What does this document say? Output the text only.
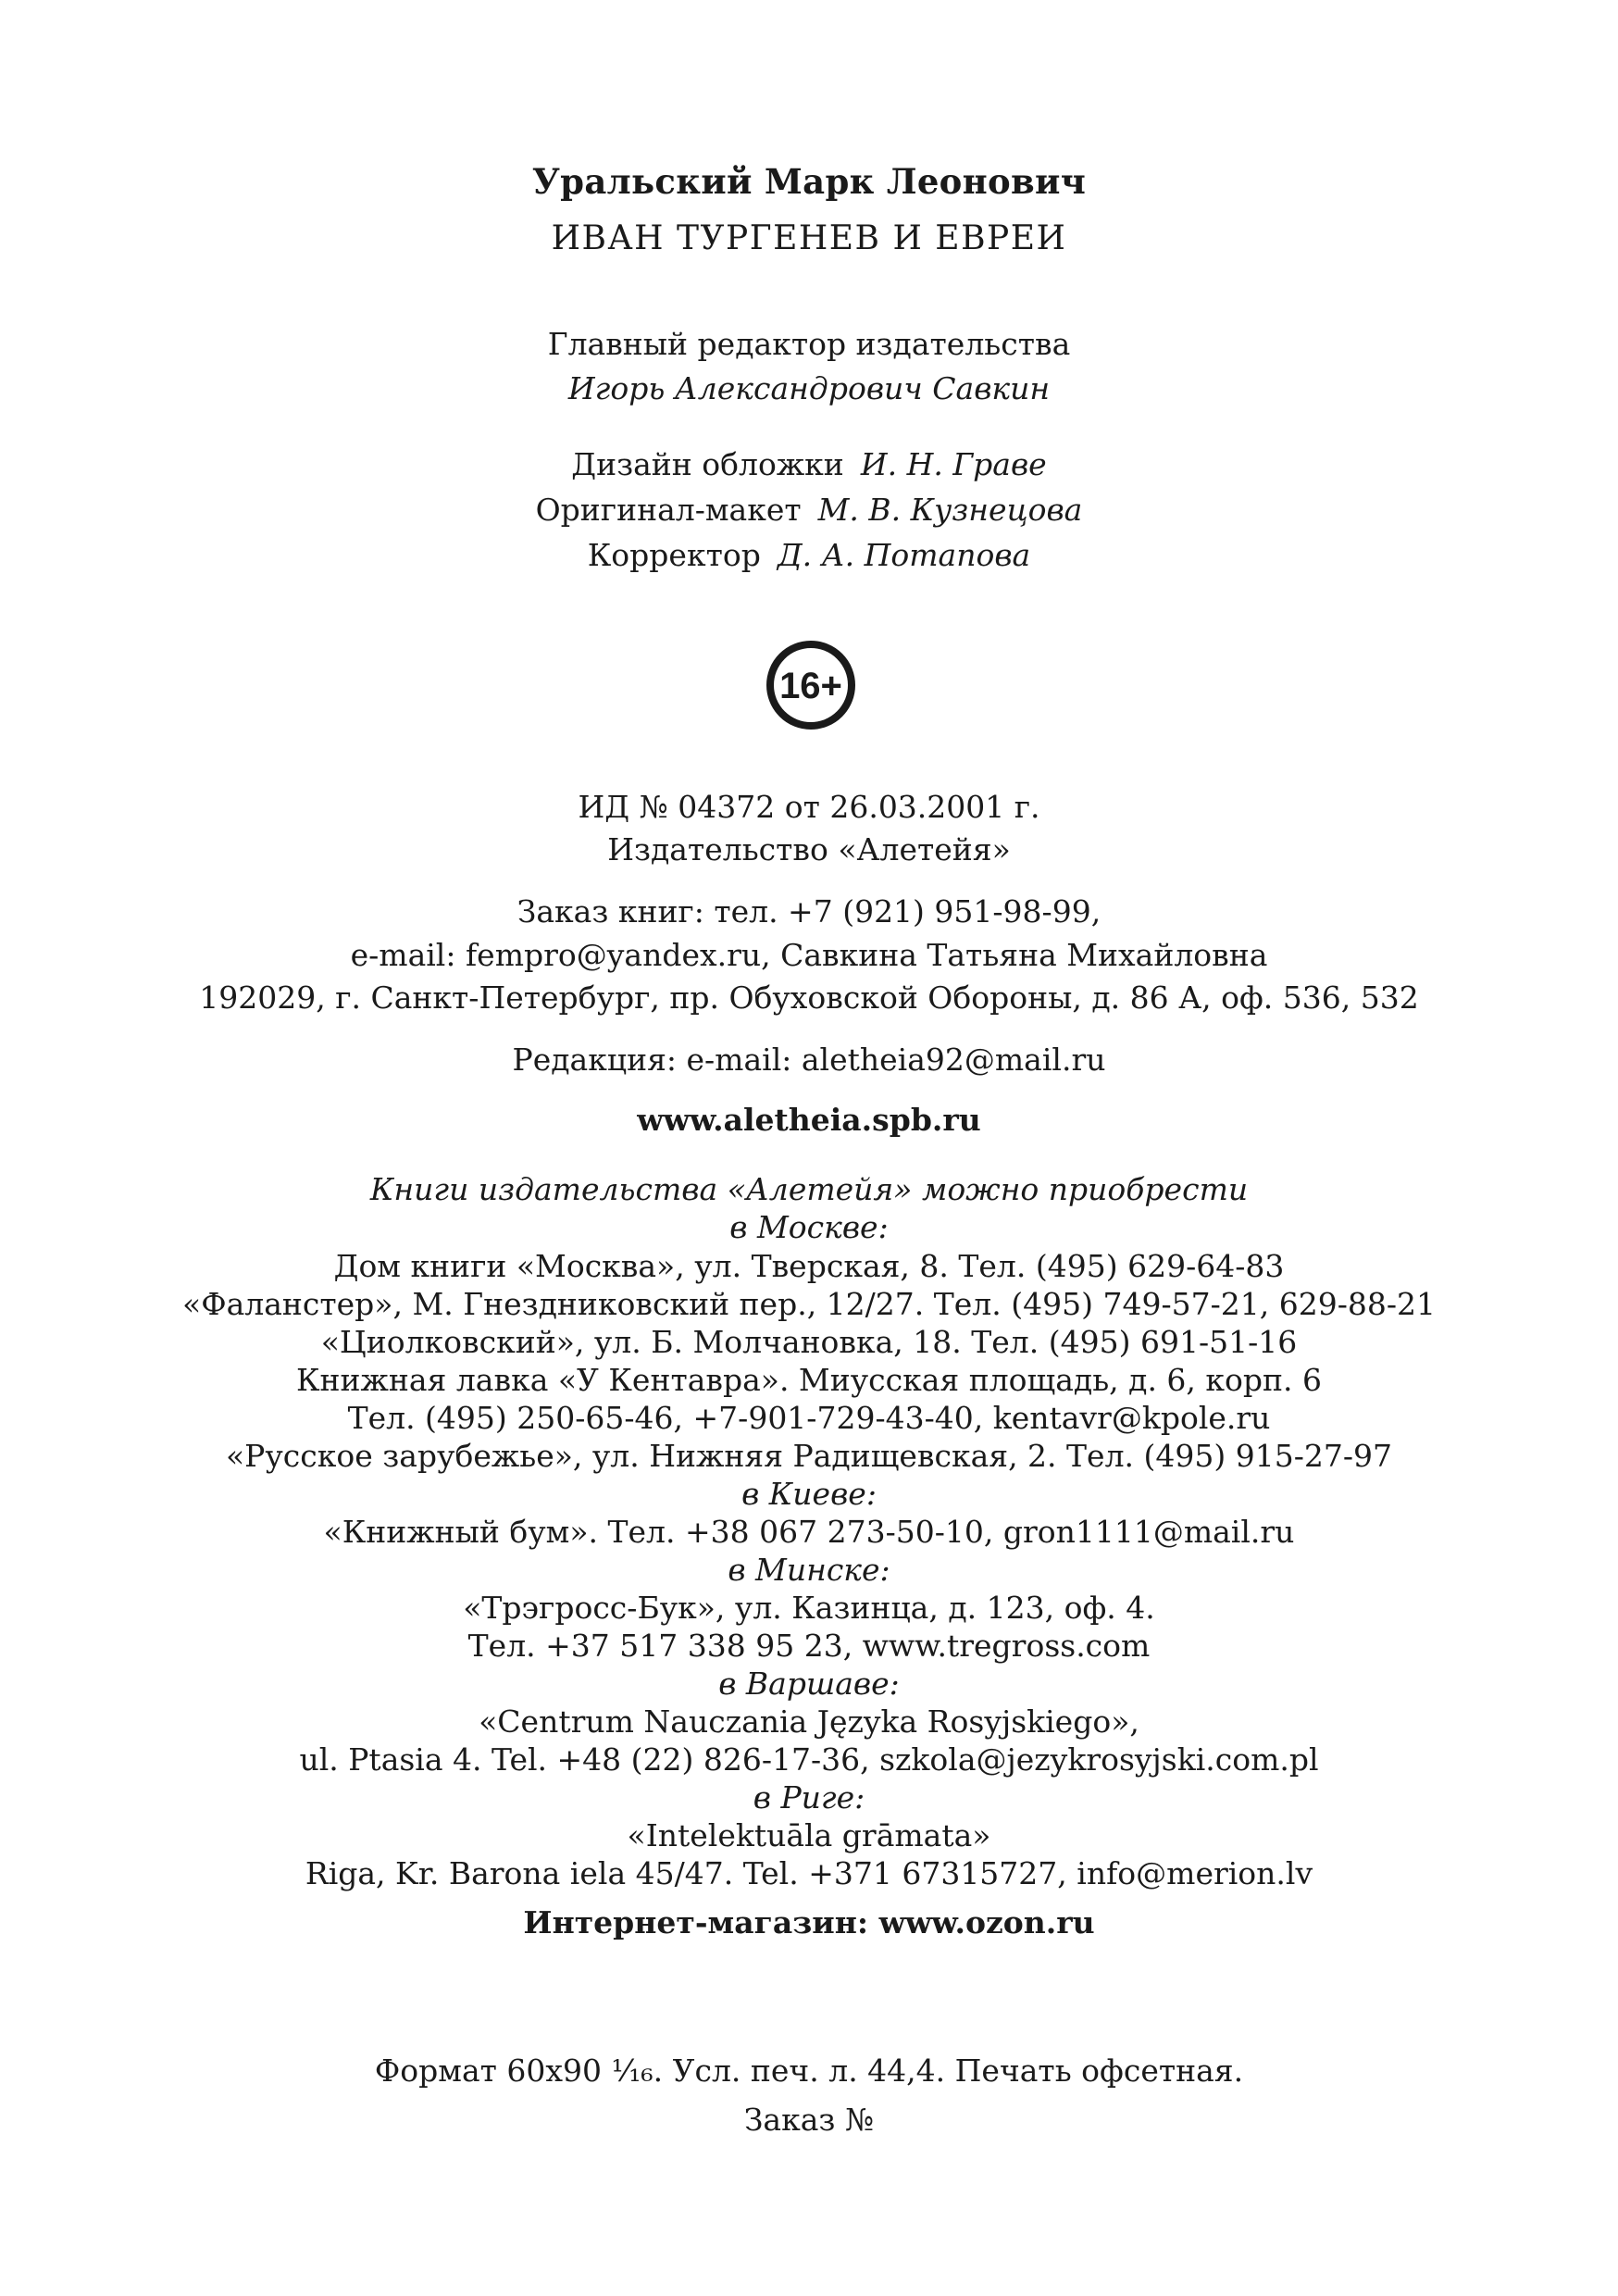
Уральский Марк Леонович
ИВАН ТУРГЕНЕВ И ЕВРЕИ
Главный редактор издательства
Игорь Александрович Савкин
Дизайн обложки И. Н. Граве
Оригинал-макет М. В. Кузнецова
Корректор Д. А. Потапова
16+
ИД № 04372 от 26.03.2001 г.
Издательство «Алетейя»
Заказ книг: тел. +7 (921) 951-98-99,
e-mail: fempro@yandex.ru, Савкина Татьяна Михайловна
192029, г. Санкт-Петербург, пр. Обуховской Обороны, д. 86 А, оф. 536, 532
Редакция: e-mail: aletheia92@mail.ru
www.aletheia.spb.ru
Книги издательства «Алетейя» можно приобрести
в Москве:
Дом книги «Москва», ул. Тверская, 8. Тел. (495) 629-64-83
«Фаланстер», М. Гнездниковский пер., 12/27. Тел. (495) 749-57-21, 629-88-21
«Циолковский», ул. Б. Молчановка, 18. Тел. (495) 691-51-16
Книжная лавка «У Кентавра». Миусская площадь, д. 6, корп. 6
Тел. (495) 250-65-46, +7-901-729-43-40, kentavr@kpole.ru
«Русское зарубежье», ул. Нижняя Радищевская, 2. Тел. (495) 915-27-97
в Киеве:
«Книжный бум». Тел. +38 067 273-50-10, gron1111@mail.ru
в Минске:
«Трэгросс-Бук», ул. Казинца, д. 123, оф. 4.
Тел. +37 517 338 95 23, www.tregross.com
в Варшаве:
«Centrum Nauczania Języka Rosyjskiego»,
ul. Ptasia 4. Tel. +48 (22) 826-17-36, szkola@jezykrosyjski.com.pl
в Риге:
«Intelektuāla grāmata»
Riga, Kr. Barona iela 45/47. Tel. +371 67315727, info@merion.lv
Интернет-магазин: www.ozon.ru
Формат 60х90 ¹⁄₁₆. Усл. печ. л. 44,4. Печать офсетная.
Заказ №
